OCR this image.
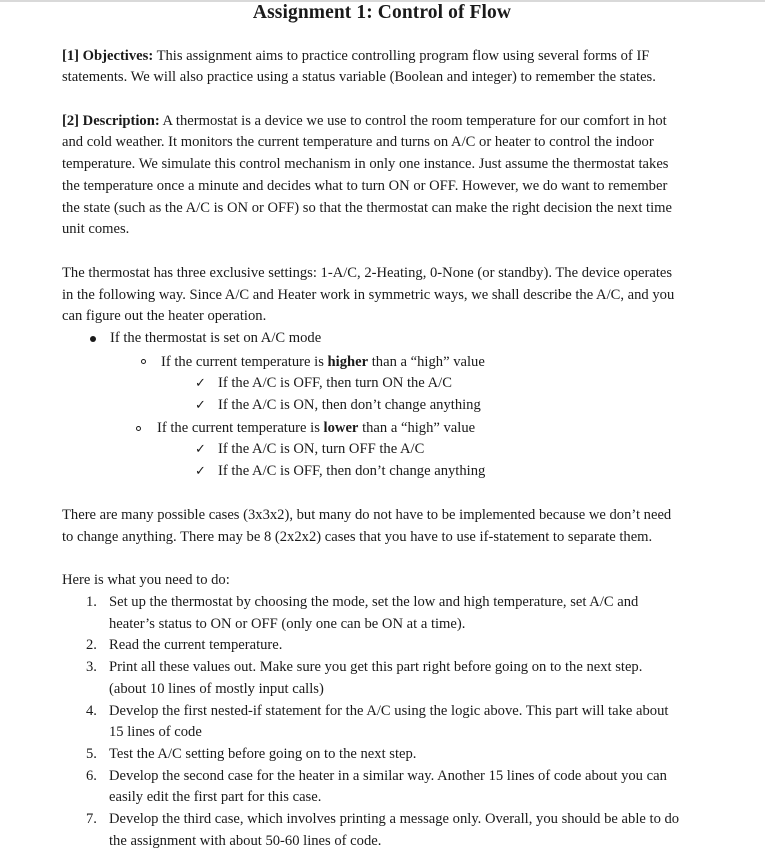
Assignment 1: Control of Flow
[1] Objectives: This assignment aims to practice controlling program flow using several forms of IF
statements. We will also practice using a status variable (Boolean and integer) to remember the states.
[2] Description: A thermostat is a device we use to control the room temperature for our comfort in hot
and cold weather. It monitors the current temperature and turns on A/C or heater to control the indoor
temperature. We simulate this control mechanism in only one instance. Just assume the thermostat takes
the temperature once a minute and decides what to turn ON or OFF. However, we do want to remember
the state (such as the A/C is ON or OFF) so that the thermostat can make the right decision the next time
unit comes.
The thermostat has three exclusive settings: 1-A/C, 2-Heating, 0-None (or standby). The device operates
in the following way. Since A/C and Heater work in symmetric ways, we shall describe the A/C, and you
can figure out the heater operation.
If the thermostat is set on A/C mode
If the current temperature is higher than a “high” value
✓ If the A/C is OFF, then turn ON the A/C
✓ If the A/C is ON, then don’t change anything
If the current temperature is lower than a “high” value
✓ If the A/C is ON, turn OFF the A/C
✓ If the A/C is OFF, then don’t change anything
There are many possible cases (3x3x2), but many do not have to be implemented because we don’t need
to change anything. There may be 8 (2x2x2) cases that you have to use if-statement to separate them.
Here is what you need to do:
1. Set up the thermostat by choosing the mode, set the low and high temperature, set A/C and
heater’s status to ON or OFF (only one can be ON at a time).
2. Read the current temperature.
3. Print all these values out. Make sure you get this part right before going on to the next step.
(about 10 lines of mostly input calls)
4. Develop the first nested-if statement for the A/C using the logic above. This part will take about
15 lines of code
5. Test the A/C setting before going on to the next step.
6. Develop the second case for the heater in a similar way. Another 15 lines of code about you can
easily edit the first part for this case.
7. Develop the third case, which involves printing a message only. Overall, you should be able to do
the assignment with about 50-60 lines of code.
